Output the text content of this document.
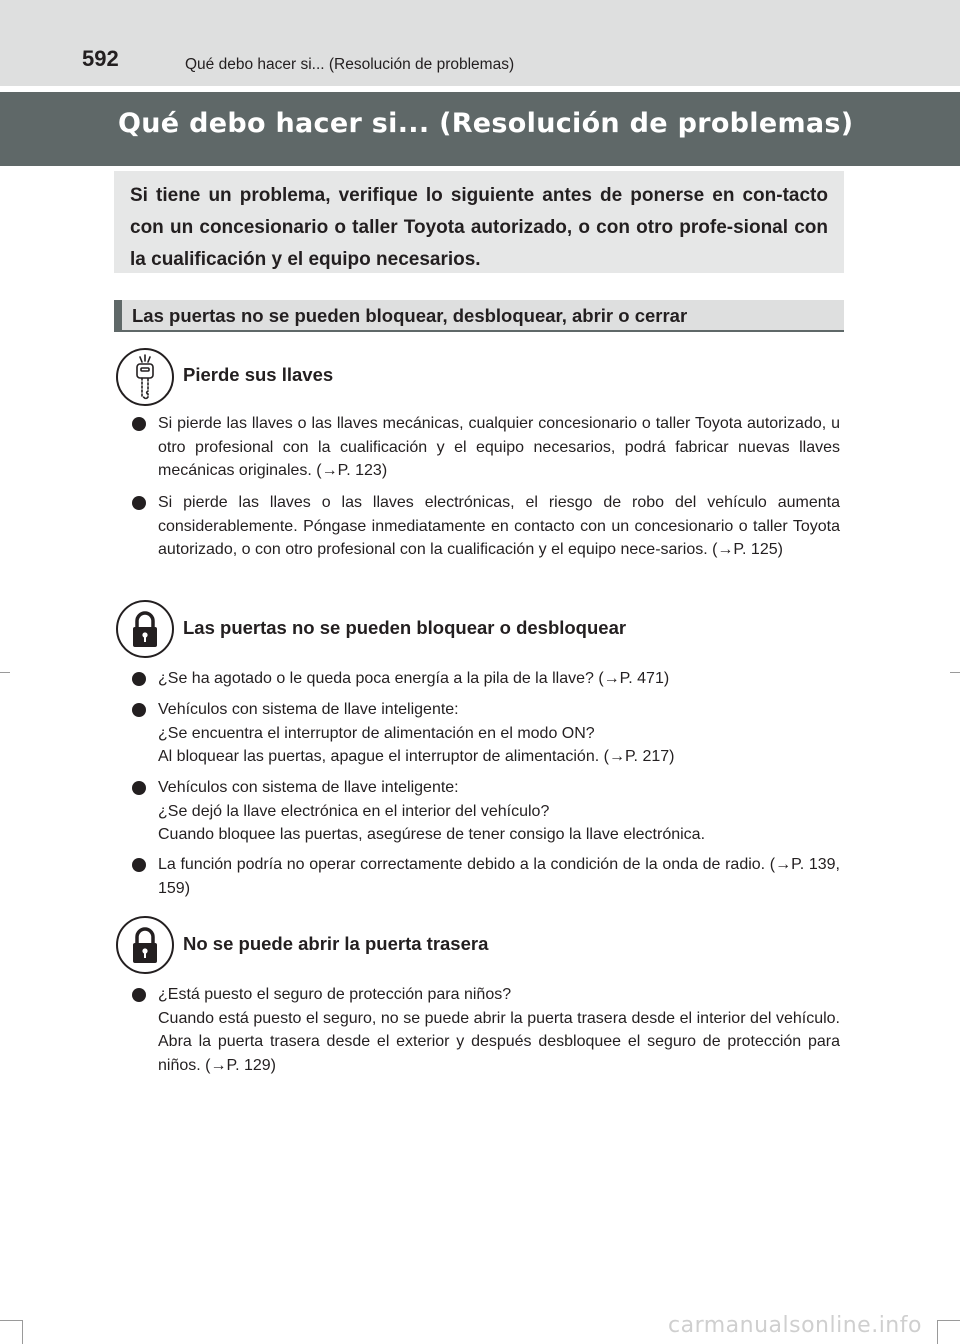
592	Qué debo hacer si... (Resolución de problemas)
Qué debo hacer si... (Resolución de problemas)

Si tiene un problema, verifique lo siguiente antes de ponerse en con-tacto con un concesionario o taller Toyota autorizado, o con otro profe-sional con la cualificación y el equipo necesarios.

Las puertas no se pueden bloquear, desbloquear, abrir o cerrar
Pierde sus llaves
Si pierde las llaves o las llaves mecánicas, cualquier concesionario o taller Toyota autorizado, u otro profesional con la cualificación y el equipo necesarios, podrá fabricar nuevas llaves mecánicas originales. (→P. 123)
Si pierde las llaves o las llaves electrónicas, el riesgo de robo del vehículo aumenta considerablemente. Póngase inmediatamente en contacto con un concesionario o taller Toyota autorizado, o con otro profesional con la cualificación y el equipo nece-sarios. (→P. 125)
Las puertas no se pueden bloquear o desbloquear
¿Se ha agotado o le queda poca energía a la pila de la llave? (→P. 471)
Vehículos con sistema de llave inteligente:
¿Se encuentra el interruptor de alimentación en el modo ON?
Al bloquear las puertas, apague el interruptor de alimentación. (→P. 217)
Vehículos con sistema de llave inteligente:
¿Se dejó la llave electrónica en el interior del vehículo?
Cuando bloquee las puertas, asegúrese de tener consigo la llave electrónica.
La función podría no operar correctamente debido a la condición de la onda de radio. (→P. 139, 159)
No se puede abrir la puerta trasera
¿Está puesto el seguro de protección para niños?
Cuando está puesto el seguro, no se puede abrir la puerta trasera desde el interior del vehículo. Abra la puerta trasera desde el exterior y después desbloquee el seguro de protección para niños. (→P. 129)
carmanualsonline.info
